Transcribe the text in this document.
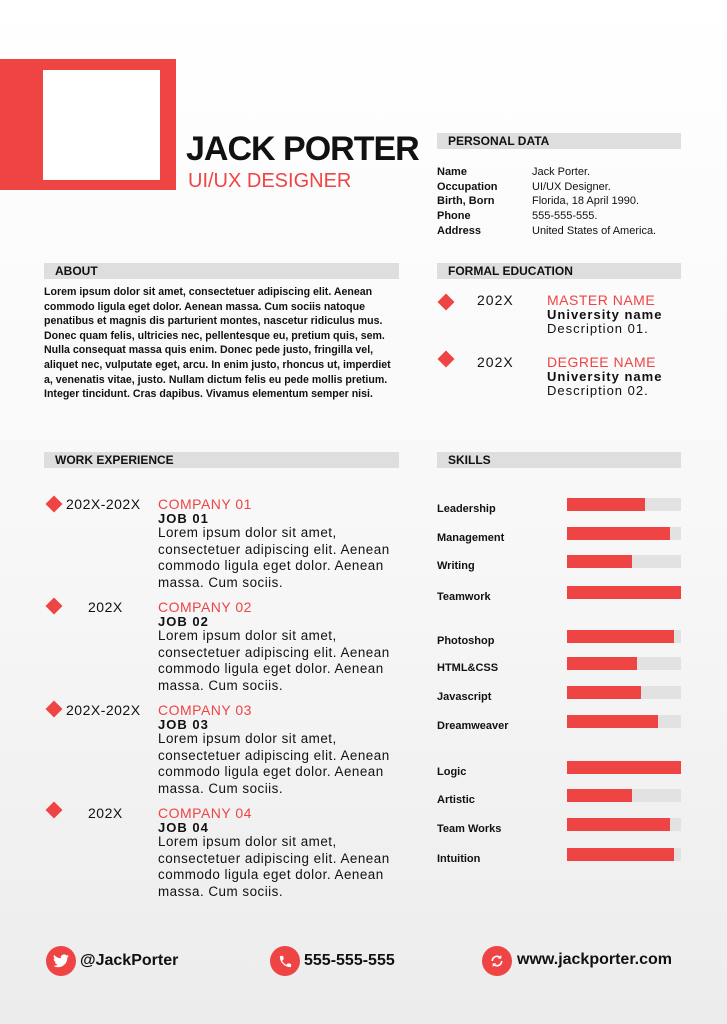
JACK PORTER
UI/UX DESIGNER
PERSONAL DATA
Name	Jack Porter.
Occupation	UI/UX Designer.
Birth, Born	Florida, 18 April 1990.
Phone	555-555-555.
Address	United States of America.
ABOUT
Lorem ipsum dolor sit amet, consectetuer adipiscing elit. Aenean commodo ligula eget dolor. Aenean massa. Cum sociis natoque penatibus et magnis dis parturient montes, nascetur ridiculus mus. Donec quam felis, ultricies nec, pellentesque eu, pretium quis, sem. Nulla consequat massa quis enim. Donec pede justo, fringilla vel, aliquet nec, vulputate eget, arcu. In enim justo, rhoncus ut, imperdiet a, venenatis vitae, justo. Nullam dictum felis eu pede mollis pretium. Integer tincidunt. Cras dapibus. Vivamus elementum semper nisi.
FORMAL EDUCATION
202X MASTER NAME
University name
Description 01.
202X DEGREE NAME
University name
Description 02.
WORK EXPERIENCE
202X-202X COMPANY 01
JOB 01
Lorem ipsum dolor sit amet, consectetuer adipiscing elit. Aenean commodo ligula eget dolor. Aenean massa. Cum sociis.
202X	COMPANY 02
JOB 02
Lorem ipsum dolor sit amet, consectetuer adipiscing elit. Aenean commodo ligula eget dolor. Aenean massa. Cum sociis.
202X-202X COMPANY 03
JOB 03
Lorem ipsum dolor sit amet, consectetuer adipiscing elit. Aenean commodo ligula eget dolor. Aenean massa. Cum sociis.
202X	COMPANY 04
JOB 04
Lorem ipsum dolor sit amet, consectetuer adipiscing elit. Aenean commodo ligula eget dolor. Aenean massa. Cum sociis.
SKILLS
Leadership
Management
Writing
Teamwork
Photoshop
HTML&CSS
Javascript
Dreamweaver
Logic
Artistic
Team Works
Intuition
@JackPorter	555-555-555	www.jackporter.com
